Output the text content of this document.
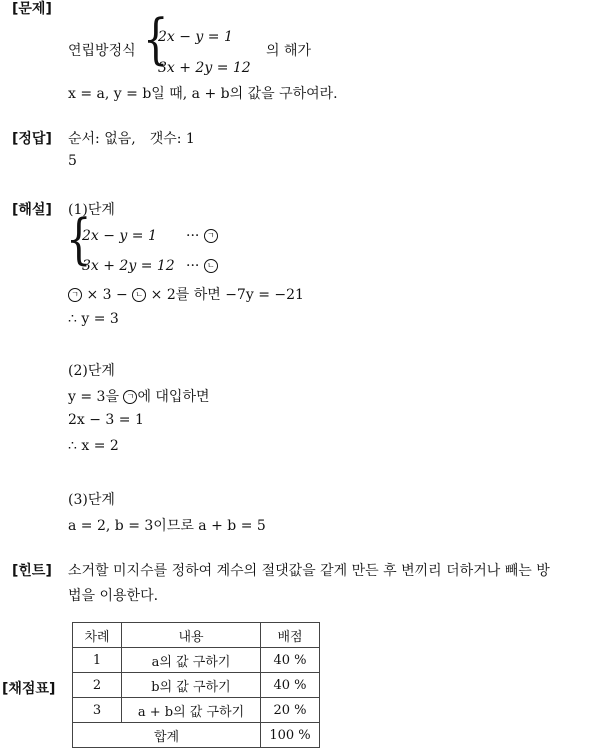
[문제]
연립방정식 {
2x − y = 1
3x + 2y = 12
의 해가
x = a, y = b일 때, a + b의 값을 구하여라.
[정답] 순서: 없음,　갯수: 1
5
[해설] (1)단계
{
2x − y = 1 ··· ㄱ
3x + 2y = 12 ··· ㄴ
ㄱ × 3 − ㄴ × 2를 하면 −7y = −21
∴ y = 3
(2)단계
y = 3을 ㄱ 에 대입하면
2x − 3 = 1
∴ x = 2
(3)단계
a = 2, b = 3이므로 a + b = 5
[힌트] 소거할 미지수를 정하여 계수의 절댓값을 같게 만든 후 변끼리 더하거나 빼는 방
법을 이용한다.
[채점표]
차례	내용	배점
1	a의 값 구하기	40 %
2	b의 값 구하기	40 %
3	a + b의 값 구하기	20 %
합계		100 %
